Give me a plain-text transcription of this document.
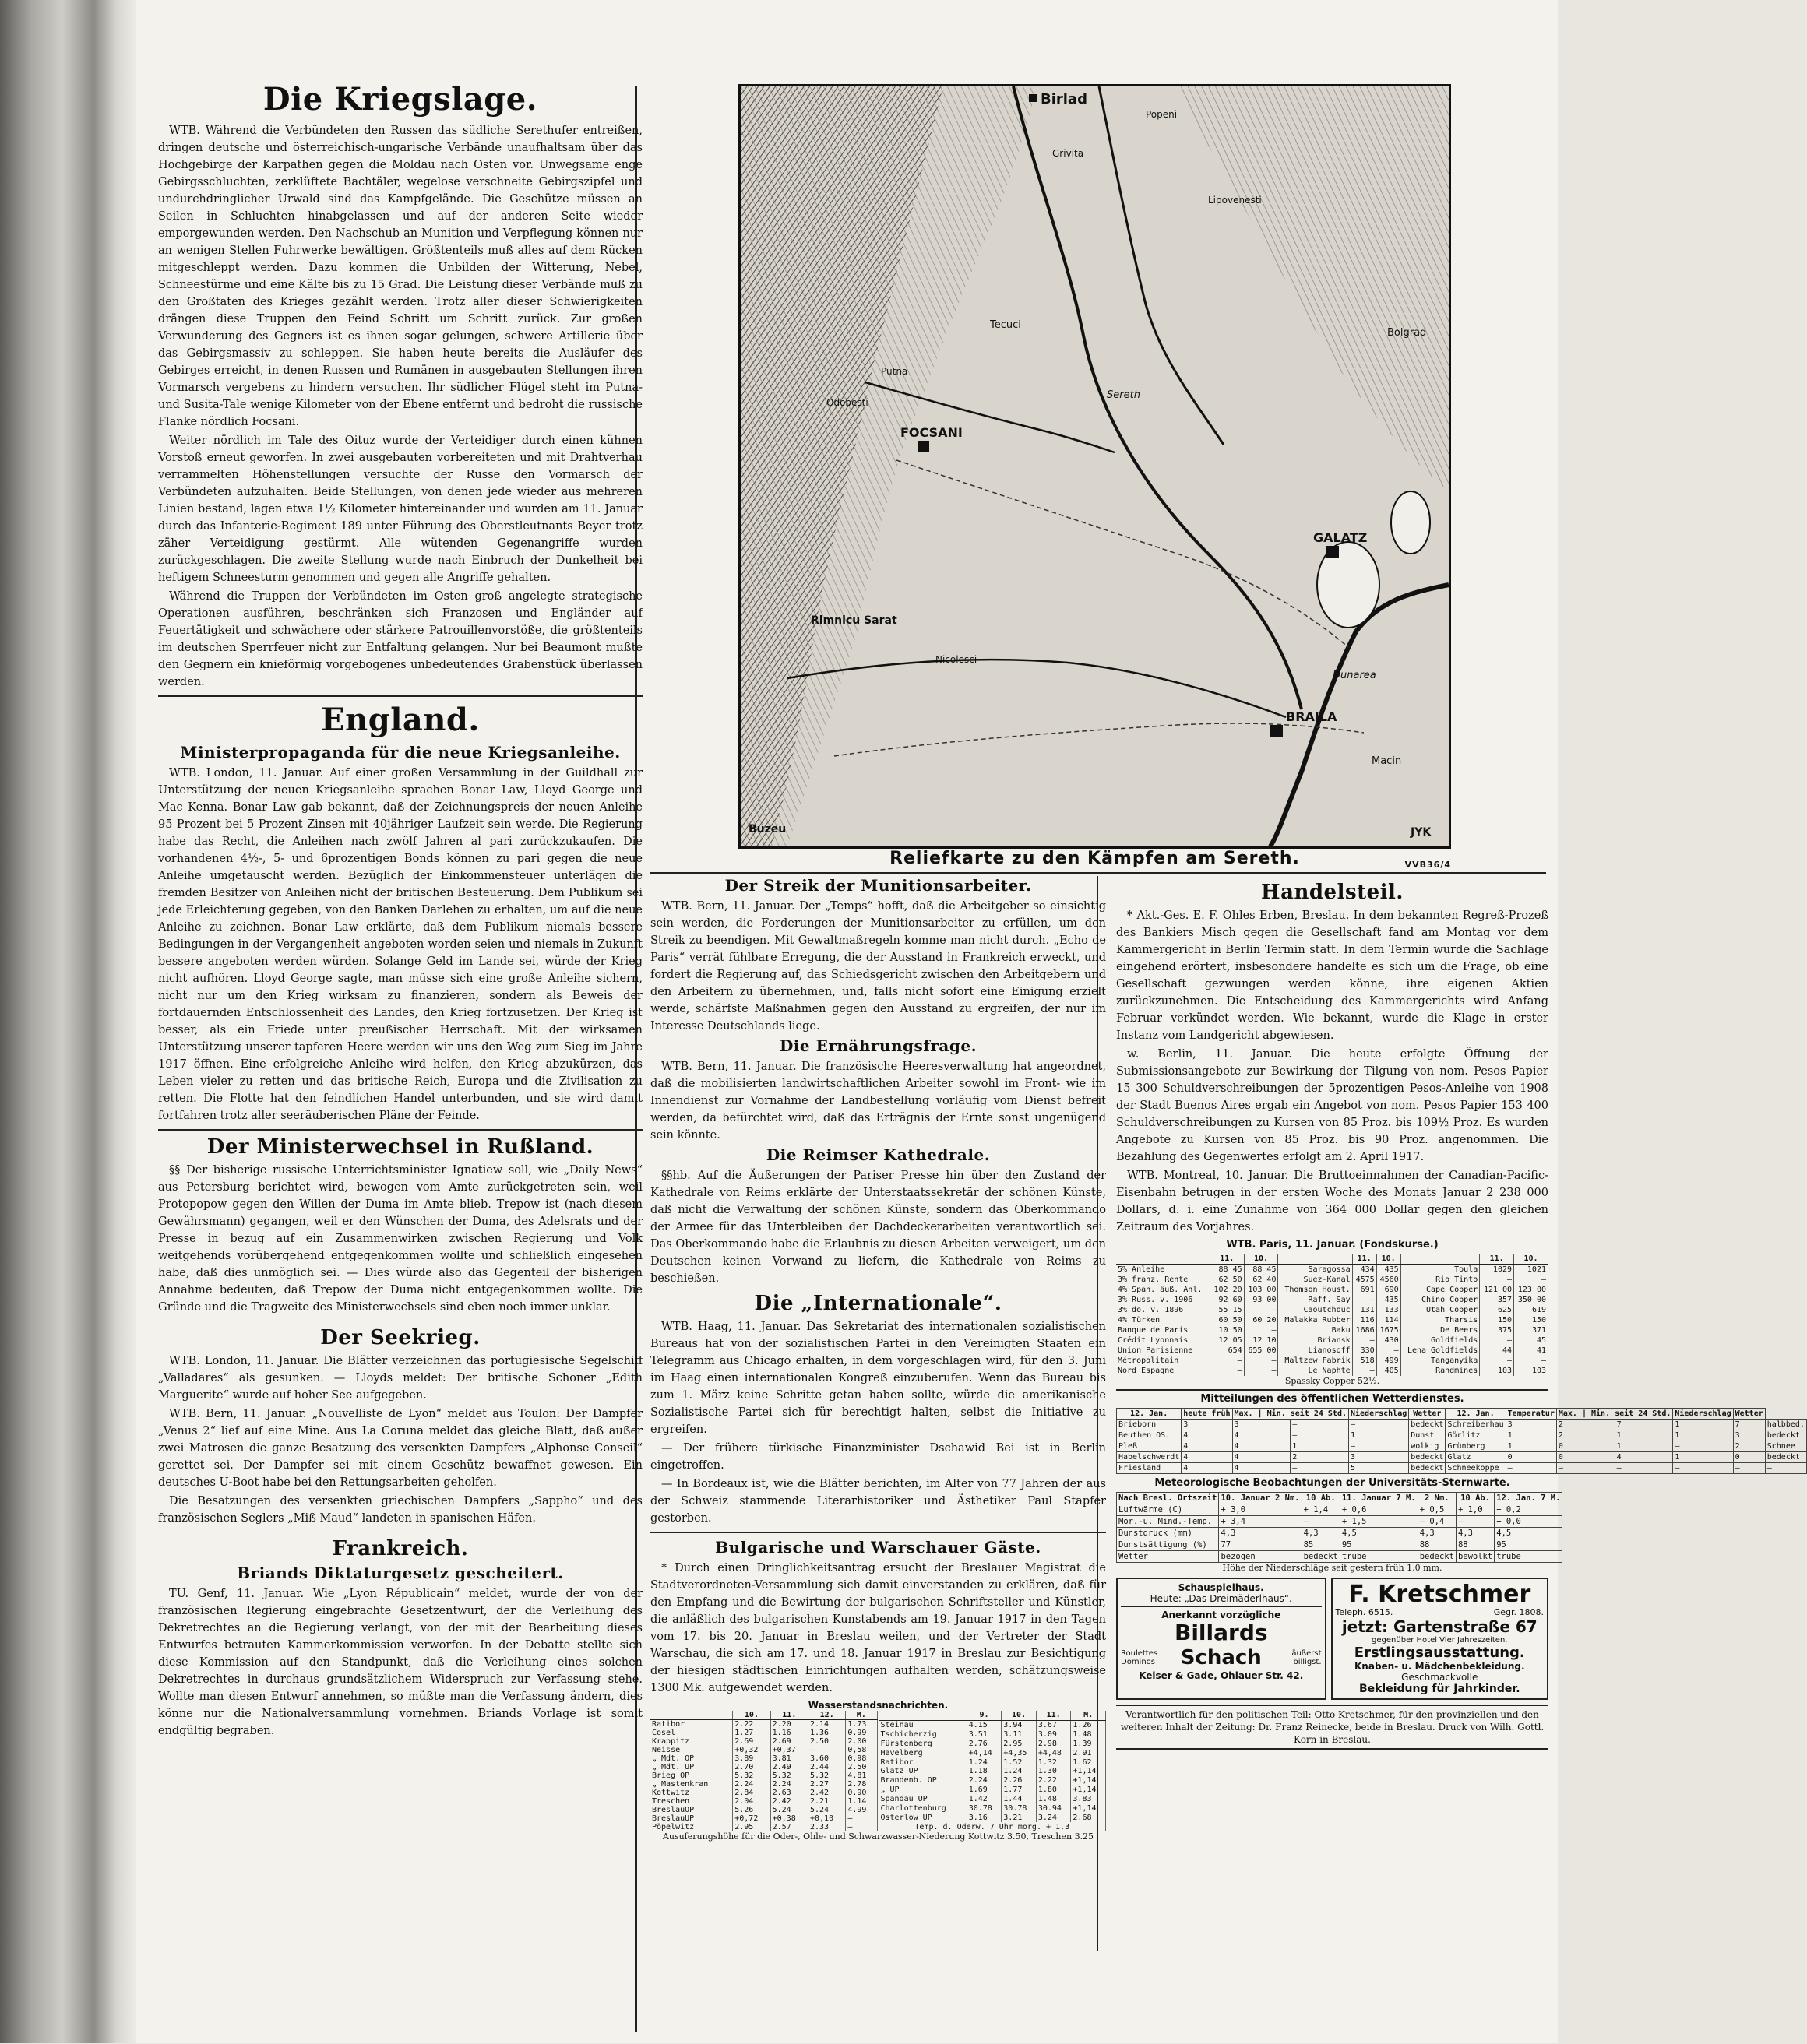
Die Kriegslage.

WTB. Während die Verbündeten den Russen das südliche Serethufer entreißen, dringen deutsche und österreichisch-ungarische Verbände unaufhaltsam über das Hochgebirge der Karpathen gegen die Moldau nach Osten vor. Unwegsame enge Gebirgsschluchten, zerklüftete Bachtäler, wegelose verschneite Gebirgszipfel und undurchdringlicher Urwald sind das Kampfgelände. Die Geschütze müssen an Seilen in Schluchten hinabgelassen und auf der anderen Seite wieder emporgewunden werden. Den Nachschub an Munition und Verpflegung können nur an wenigen Stellen Fuhrwerke bewältigen. Größtenteils muß alles auf dem Rücken mitgeschleppt werden. Dazu kommen die Unbilden der Witterung, Nebel, Schneestürme und eine Kälte bis zu 15 Grad. Die Leistung dieser Verbände muß zu den Großtaten des Krieges gezählt werden. Trotz aller dieser Schwierigkeiten drängen diese Truppen den Feind Schritt um Schritt zurück. Zur großen Verwunderung des Gegners ist es ihnen sogar gelungen, schwere Artillerie über das Gebirgsmassiv zu schleppen. Sie haben heute bereits die Ausläufer des Gebirges erreicht, in denen Russen und Rumänen in ausgebauten Stellungen ihren Vormarsch vergebens zu hindern versuchen. Ihr südlicher Flügel steht im Putna- und Susita-Tale wenige Kilometer von der Ebene entfernt und bedroht die russische Flanke nördlich Focsani.

Weiter nördlich im Tale des Oituz wurde der Verteidiger durch einen kühnen Vorstoß erneut geworfen. In zwei ausgebauten vorbereiteten und mit Drahtverhau verrammelten Höhenstellungen versuchte der Russe den Vormarsch der Verbündeten aufzuhalten. Beide Stellungen, von denen jede wieder aus mehreren Linien bestand, lagen etwa 1½ Kilometer hintereinander und wurden am 11. Januar durch das Infanterie-Regiment 189 unter Führung des Oberstleutnants Beyer trotz zäher Verteidigung gestürmt. Alle wütenden Gegenangriffe wurden zurückgeschlagen. Die zweite Stellung wurde nach Einbruch der Dunkelheit bei heftigem Schneesturm genommen und gegen alle Angriffe gehalten.

Während die Truppen der Verbündeten im Osten groß angelegte strategische Operationen ausführen, beschränken sich Franzosen und Engländer auf Feuertätigkeit und schwächere oder stärkere Patrouillenvorstöße, die größtenteils im deutschen Sperrfeuer nicht zur Entfaltung gelangen. Nur bei Beaumont mußte den Gegnern ein knieförmig vorgebogenes unbedeutendes Grabenstück überlassen werden.

England.
Ministerpropaganda für die neue Kriegsanleihe.

WTB. London, 11. Januar. Auf einer großen Versammlung in der Guildhall zur Unterstützung der neuen Kriegsanleihe sprachen Bonar Law, Lloyd George und Mac Kenna. Bonar Law gab bekannt, daß der Zeichnungspreis der neuen Anleihe 95 Prozent bei 5 Prozent Zinsen mit 40jähriger Laufzeit sein werde. Die Regierung habe das Recht, die Anleihen nach zwölf Jahren al pari zurückzukaufen. Die vorhandenen 4½-, 5- und 6prozentigen Bonds können zu pari gegen die neue Anleihe umgetauscht werden. Bezüglich der Einkommensteuer unterlägen die fremden Besitzer von Anleihen nicht der britischen Besteuerung. Dem Publikum sei jede Erleichterung gegeben, von den Banken Darlehen zu erhalten, um auf die neue Anleihe zu zeichnen. Bonar Law erklärte, daß dem Publikum niemals bessere Bedingungen in der Vergangenheit angeboten worden seien und niemals in Zukunft bessere angeboten werden würden. Solange Geld im Lande sei, würde der Krieg nicht aufhören. Lloyd George sagte, man müsse sich eine große Anleihe sichern, nicht nur um den Krieg wirksam zu finanzieren, sondern als Beweis der fortdauernden Entschlossenheit des Landes, den Krieg fortzusetzen. Der Krieg ist besser, als ein Friede unter preußischer Herrschaft. Mit der wirksamen Unterstützung unserer tapferen Heere werden wir uns den Weg zum Sieg im Jahre 1917 öffnen. Eine erfolgreiche Anleihe wird helfen, den Krieg abzukürzen, das Leben vieler zu retten und das britische Reich, Europa und die Zivilisation zu retten. Die Flotte hat den feindlichen Handel unterbunden, und sie wird damit fortfahren trotz aller seeräuberischen Pläne der Feinde.

Der Ministerwechsel in Rußland.

§§ Der bisherige russische Unterrichtsminister Ignatiew soll, wie „Daily News“ aus Petersburg berichtet wird, bewogen vom Amte zurückgetreten sein, weil Protopopow gegen den Willen der Duma im Amte blieb. Trepow ist (nach diesem Gewährsmann) gegangen, weil er den Wünschen der Duma, des Adelsrats und der Presse in bezug auf ein Zusammenwirken zwischen Regierung und Volk weitgehends vorübergehend entgegenkommen wollte und schließlich eingesehen habe, daß dies unmöglich sei. — Dies würde also das Gegenteil der bisherigen Annahme bedeuten, daß Trepow der Duma nicht entgegenkommen wollte. Die Gründe und die Tragweite des Ministerwechsels sind eben noch immer unklar.

Der Seekrieg.

WTB. London, 11. Januar. Die Blätter verzeichnen das portugiesische Segelschiff „Valladares“ als gesunken. — Lloyds meldet: Der britische Schoner „Edith Marguerite“ wurde auf hoher See aufgegeben.

WTB. Bern, 11. Januar. „Nouvelliste de Lyon“ meldet aus Toulon: Der Dampfer „Venus 2“ lief auf eine Mine. Aus La Coruna meldet das gleiche Blatt, daß außer zwei Matrosen die ganze Besatzung des versenkten Dampfers „Alphonse Conseil“ gerettet sei. Der Dampfer sei mit einem Geschütz bewaffnet gewesen. Ein deutsches U-Boot habe bei den Rettungsarbeiten geholfen.

Die Besatzungen des versenkten griechischen Dampfers „Sappho“ und des französischen Seglers „Miß Maud“ landeten in spanischen Häfen.

Frankreich.
Briands Diktaturgesetz gescheitert.

TU. Genf, 11. Januar. Wie „Lyon Républicain“ meldet, wurde der von der französischen Regierung eingebrachte Gesetzentwurf, der die Verleihung des Dekretrechtes an die Regierung verlangt, von der mit der Bearbeitung dieses Entwurfes betrauten Kammerkommission verworfen. In der Debatte stellte sich diese Kommission auf den Standpunkt, daß die Verleihung eines solchen Dekretrechtes in durchaus grundsätzlichem Widerspruch zur Verfassung stehe. Wollte man diesen Entwurf annehmen, so müßte man die Verfassung ändern, dies könne nur die Nationalversammlung vornehmen. Briands Vorlage ist somit endgültig begraben.

Birlad
Popeni
Grivita
Tecuci
FOCSANI
Odobesti
Nicolesci
Rimnicu Sarat
GALATZ
BRAILA
Macin
Buzeu	JYK
Putna
Sereth
Dunarea
Bolgrad
Lipovenesti
Reliefkarte zu den Kämpfen am Sereth.	VVB36/4
Der Streik der Munitionsarbeiter.

WTB. Bern, 11. Januar. Der „Temps“ hofft, daß die Arbeitgeber so einsichtig sein werden, die Forderungen der Munitionsarbeiter zu erfüllen, um den Streik zu beendigen. Mit Gewaltmaßregeln komme man nicht durch. „Echo de Paris“ verrät fühlbare Erregung, die der Ausstand in Frankreich erweckt, und fordert die Regierung auf, das Schiedsgericht zwischen den Arbeitgebern und den Arbeitern zu übernehmen, und, falls nicht sofort eine Einigung erzielt werde, schärfste Maßnahmen gegen den Ausstand zu ergreifen, der nur im Interesse Deutschlands liege.

Die Ernährungsfrage.

WTB. Bern, 11. Januar. Die französische Heeresverwaltung hat angeordnet, daß die mobilisierten landwirtschaftlichen Arbeiter sowohl im Front- wie im Innendienst zur Vornahme der Landbestellung vorläufig vom Dienst befreit werden, da befürchtet wird, daß das Erträgnis der Ernte sonst ungenügend sein könnte.

Die Reimser Kathedrale.

§§hb. Auf die Äußerungen der Pariser Presse hin über den Zustand der Kathedrale von Reims erklärte der Unterstaatssekretär der schönen Künste, daß nicht die Verwaltung der schönen Künste, sondern das Oberkommando der Armee für das Unterbleiben der Dachdeckerarbeiten verantwortlich sei. Das Oberkommando habe die Erlaubnis zu diesen Arbeiten verweigert, um den Deutschen keinen Vorwand zu liefern, die Kathedrale von Reims zu beschießen.

Die „Internationale“.

WTB. Haag, 11. Januar. Das Sekretariat des internationalen sozialistischen Bureaus hat von der sozialistischen Partei in den Vereinigten Staaten ein Telegramm aus Chicago erhalten, in dem vorgeschlagen wird, für den 3. Juni im Haag einen internationalen Kongreß einzuberufen. Wenn das Bureau bis zum 1. März keine Schritte getan haben sollte, würde die amerikanische Sozialistische Partei sich für berechtigt halten, selbst die Initiative zu ergreifen.

— Der frühere türkische Finanzminister Dschawid Bei ist in Berlin eingetroffen.

— In Bordeaux ist, wie die Blätter berichten, im Alter von 77 Jahren der aus der Schweiz stammende Literarhistoriker und Ästhetiker Paul Stapfer gestorben.

Bulgarische und Warschauer Gäste.

* Durch einen Dringlichkeitsantrag ersucht der Breslauer Magistrat die Stadtverordneten-Versammlung sich damit einverstanden zu erklären, daß für den Empfang und die Bewirtung der bulgarischen Schriftsteller und Künstler, die anläßlich des bulgarischen Kunstabends am 19. Januar 1917 in den Tagen vom 17. bis 20. Januar in Breslau weilen, und der Vertreter der Stadt Warschau, die sich am 17. und 18. Januar 1917 in Breslau zur Besichtigung der hiesigen städtischen Einrichtungen aufhalten werden, schätzungsweise 1300 Mk. aufgewendet werden.

Wasserstandsnachrichten.
	10.	11.	12.	M.
Ratibor	2.22	2.20	2.14	1.73
Cosel	1.27	1.16	1.36	0.99
Krappitz	2.69	2.69	2.50	2.00
Neisse	+0,32	+0,37	—	0,58
„ Mdt. OP	3.89	3.81	3.60	0,98
„ Mdt. UP	2.70	2.49	2.44	2.50
Brieg OP	5.32	5.32	5.32	4.81
„ Mastenkran	2.24	2.24	2.27	2.78
Kottwitz	2.84	2.63	2.42	0.90
Treschen	2.04	2.42	2.21	1.14
BreslauOP	5.26	5.24	5.24	4.99
BreslauUP	+0,72	+0,38	+0,10	—
Pöpelwitz	2.95	2.57	2.33	—
	9.	10.	11.	M.
Steinau	4.15	3.94	3.67	1.26
Tschicherzig	3.51	3.11	3.09	1.48
Fürstenberg	2.76	2.95	2.98	1.39
Havelberg	+4,14	+4,35	+4,48	2.91
Ratibor	1.24	1.52	1.32	1.62
Glatz UP	1.18	1.24	1.30	+1,14
Brandenb. OP	2.24	2.26	2.22	+1,14
„ UP	1.69	1.77	1.80	+1,14
Spandau UP	1.42	1.44	1.48	3.83
Charlottenburg	30.78	30.78	30.94	+1,14
Osterlow UP	3.16	3.21	3.24	2.68
Temp. d. Oderw. 7 Uhr morg. + 1.3				
Ausuferungshöhe für die Oder-, Ohle- und Schwarzwasser-Niederung Kottwitz 3.50, Treschen 3.25
Handelsteil.

* Akt.-Ges. E. F. Ohles Erben, Breslau. In dem bekannten Regreß-Prozeß des Bankiers Misch gegen die Gesellschaft fand am Montag vor dem Kammergericht in Berlin Termin statt. In dem Termin wurde die Sachlage eingehend erörtert, insbesondere handelte es sich um die Frage, ob eine Gesellschaft gezwungen werden könne, ihre eigenen Aktien zurückzunehmen. Die Entscheidung des Kammergerichts wird Anfang Februar verkündet werden. Wie bekannt, wurde die Klage in erster Instanz vom Landgericht abgewiesen.

w. Berlin, 11. Januar. Die heute erfolgte Öffnung der Submissionsangebote zur Bewirkung der Tilgung von nom. Pesos Papier 15 300 Schuldverschreibungen der 5prozentigen Pesos-Anleihe von 1908 der Stadt Buenos Aires ergab ein Angebot von nom. Pesos Papier 153 400 Schuldverschreibungen zu Kursen von 85 Proz. bis 109½ Proz. Es wurden Angebote zu Kursen von 85 Proz. bis 90 Proz. angenommen. Die Bezahlung des Gegenwertes erfolgt am 2. April 1917.

WTB. Montreal, 10. Januar. Die Bruttoeinnahmen der Canadian-Pacific-Eisenbahn betrugen in der ersten Woche des Monats Januar 2 238 000 Dollars, d. i. eine Zunahme von 364 000 Dollar gegen den gleichen Zeitraum des Vorjahres.

WTB. Paris, 11. Januar. (Fondskurse.)
	11.	10.		11.	10.		11.	10.
5% Anleihe	88 45	88 45	Saragossa	434	435	Toula	1029	1021
3% franz. Rente	62 50	62 40	Suez-Kanal	4575	4560	Rio Tinto	—	—
4% Span. äuß. Anl.	102 20	103 00	Thomson Houst.	691	690	Cape Copper	121 00	123 00
3% Russ. v. 1906	92 60	93 00	Raff. Say	—	435	Chino Copper	357	350 00
3% do. v. 1896	55 15	—	Caoutchouc	131	133	Utah Copper	625	619
4% Türken	60 50	60 20	Malakka Rubber	116	114	Tharsis	150	150
Banque de Paris	10 50	—	Baku	1686	1675	De Beers	375	371
Crédit Lyonnais	12 05	12 10	Briansk	—	430	Goldfields	—	45
Union Parisienne	654	655 00	Lianosoff	330	—	Lena Goldfields	44	41
Métropolitain	—	—	Maltzew Fabrik	518	499	Tanganyika	—	—
Nord Espagne	—	—	Le Naphte	—	405	Randmines	103	103
Spassky Copper 52½.
Mitteilungen des öffentlichen Wetterdienstes.
12. Jan.	heute früh	Max. | Min. seit 24 Std.		Niederschlag	Wetter	12. Jan.	Temperatur	Max. | Min. seit 24 Std.		Niederschlag	Wetter	
Brieborn	3	3	—	—	bedeckt	Schreiberhau	3	2	7	1	7	halbbed.
Beuthen OS.	4	4	—	1	Dunst	Görlitz	1	2	1	1	3	bedeckt
Pleß	4	4	1	—	wolkig	Grünberg	1	0	1	—	2	Schnee
Habelschwerdt	4	4	2	3	bedeckt	Glatz	0	0	4	1	0	bedeckt
Friesland	4	4	—	5	bedeckt	Schneekoppe	—	—	—	—	—	—
Meteorologische Beobachtungen der Universitäts-Sternwarte.
Nach Bresl. Ortszeit	10. Januar 2 Nm.	10 Ab.	11. Januar 7 M.	2 Nm.	10 Ab.	12. Jan. 7 M.
Luftwärme (C)	+ 3,0	+ 1,4	+ 0,6	+ 0,5	+ 1,0	+ 0,2
Mor.-u. Mind.-Temp.	+ 3,4	—	+ 1,5	— 0,4	—	+ 0,0
Dunstdruck (mm)	4,3	4,3	4,5	4,3	4,3	4,5
Dunstsättigung (%)	77	85	95	88	88	95
Wetter	bezogen	bedeckt	trübe	bedeckt	bewölkt	trübe
Höhe der Niederschläge seit gestern früh 1,0 mm.
Schauspielhaus.
Heute: „Das Dreimäderlhaus“.
Anerkannt vorzügliche
Billards
Roulettes Dominos	Schach	äußerst billigst.
Keiser & Gade, Ohlauer Str. 42.
F. Kretschmer
Teleph. 6515.	Gegr. 1808.
jetzt: Gartenstraße 67
gegenüber Hotel Vier Jahreszeiten.
Erstlingsausstattung.
Knaben- u. Mädchenbekleidung.
Geschmackvolle
Bekleidung für Jahrkinder.
Verantwortlich für den politischen Teil: Otto Kretschmer, für den provinziellen und den weiteren Inhalt der Zeitung: Dr. Franz Reinecke, beide in Breslau. Druck von Wilh. Gottl. Korn in Breslau.
